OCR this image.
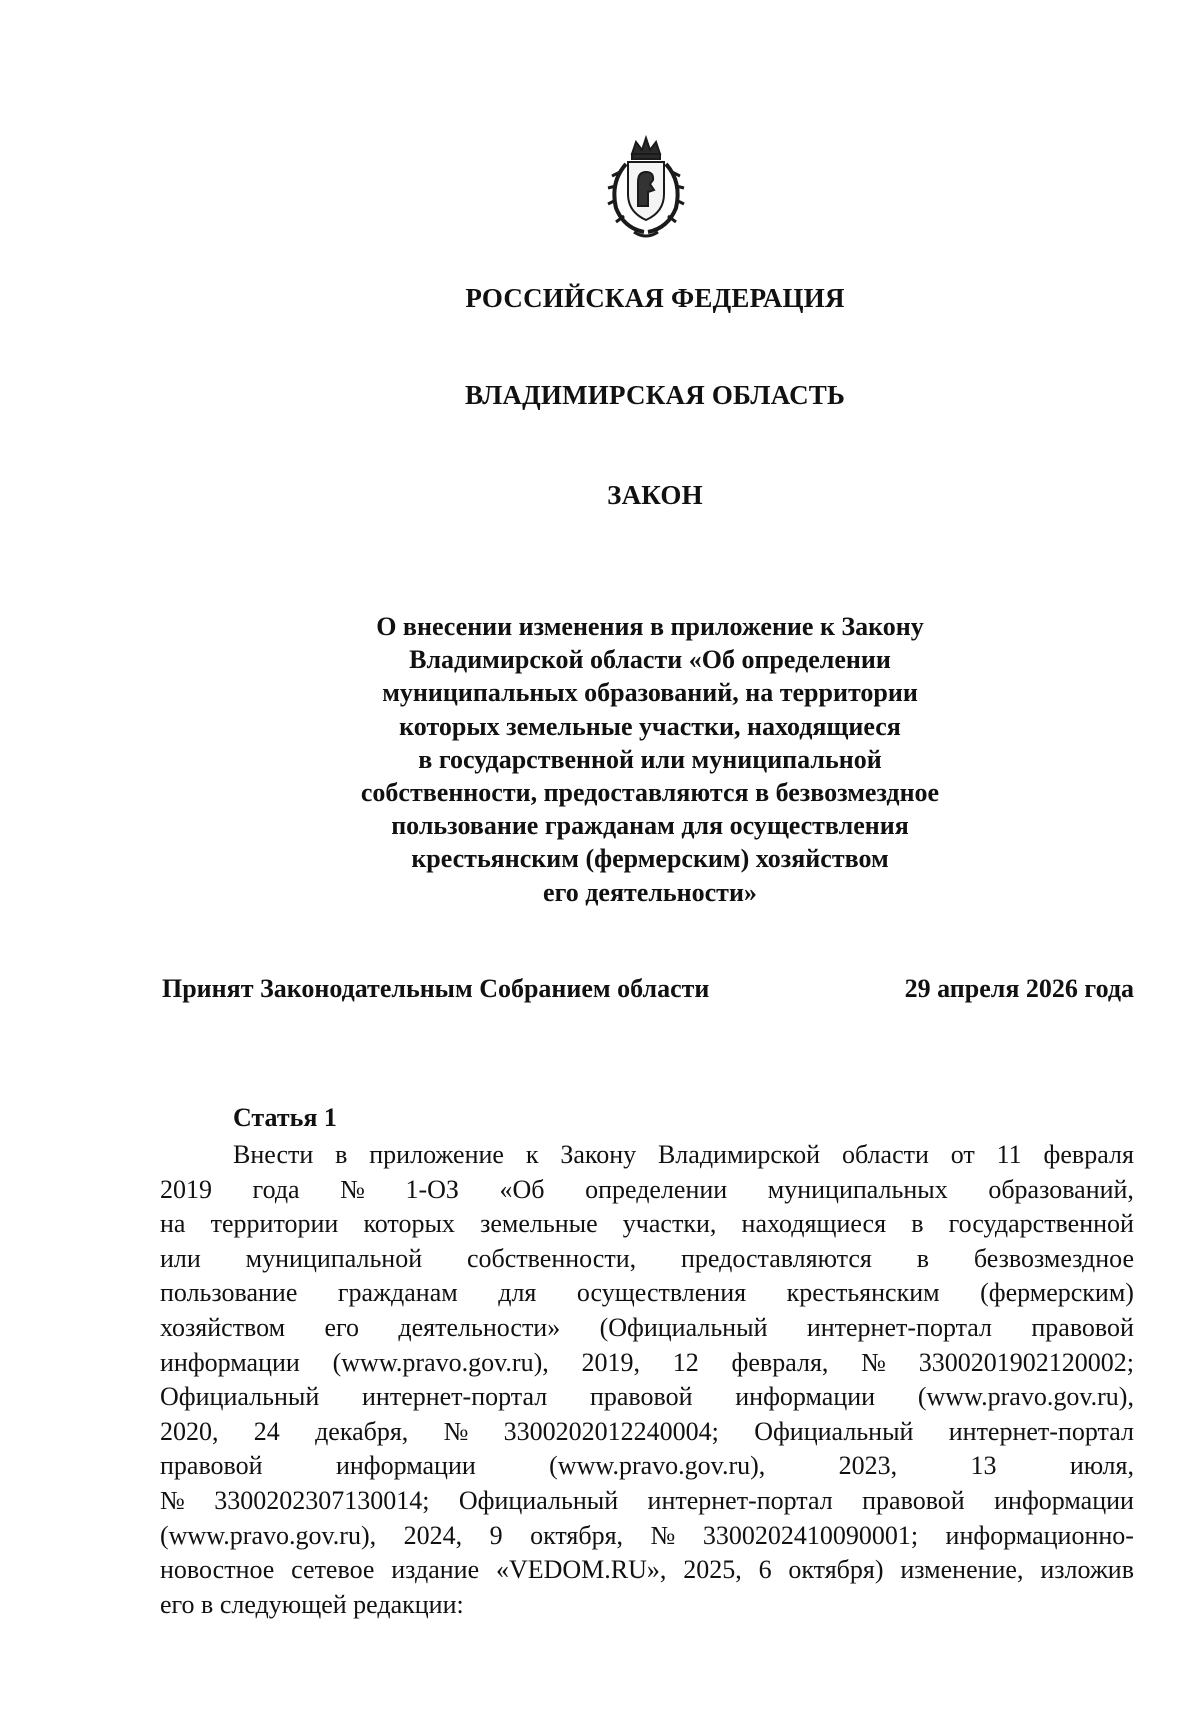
РОССИЙСКАЯ ФЕДЕРАЦИЯ
ВЛАДИМИРСКАЯ ОБЛАСТЬ
ЗАКОН
О внесении изменения в приложение к Закону
Владимирской области «Об определении
муниципальных образований, на территории
которых земельные участки, находящиеся
в государственной или муниципальной
собственности, предоставляются в безвозмездное
пользование гражданам для осуществления
крестьянским (фермерским) хозяйством
его деятельности»
Принят Законодательным Собранием области	29 апреля 2026 года
Статья 1
Внести в приложение к Закону Владимирской области от 11 февраля
2019 года № 1-ОЗ «Об определении муниципальных образований,
на территории которых земельные участки, находящиеся в государственной
или муниципальной собственности, предоставляются в безвозмездное
пользование гражданам для осуществления крестьянским (фермерским)
хозяйством его деятельности» (Официальный интернет-портал правовой
информации (www.pravo.gov.ru), 2019, 12 февраля, № 3300201902120002;
Официальный интернет-портал правовой информации (www.pravo.gov.ru),
2020, 24 декабря, № 3300202012240004; Официальный интернет-портал
правовой	информации	(www.pravo.gov.ru),	2023,	13	июля,
№ 3300202307130014; Официальный интернет-портал правовой информации
(www.pravo.gov.ru), 2024, 9 октября, № 3300202410090001; информационно-
новостное сетевое издание «VEDOM.RU», 2025, 6 октября) изменение, изложив
его в следующей редакции:
